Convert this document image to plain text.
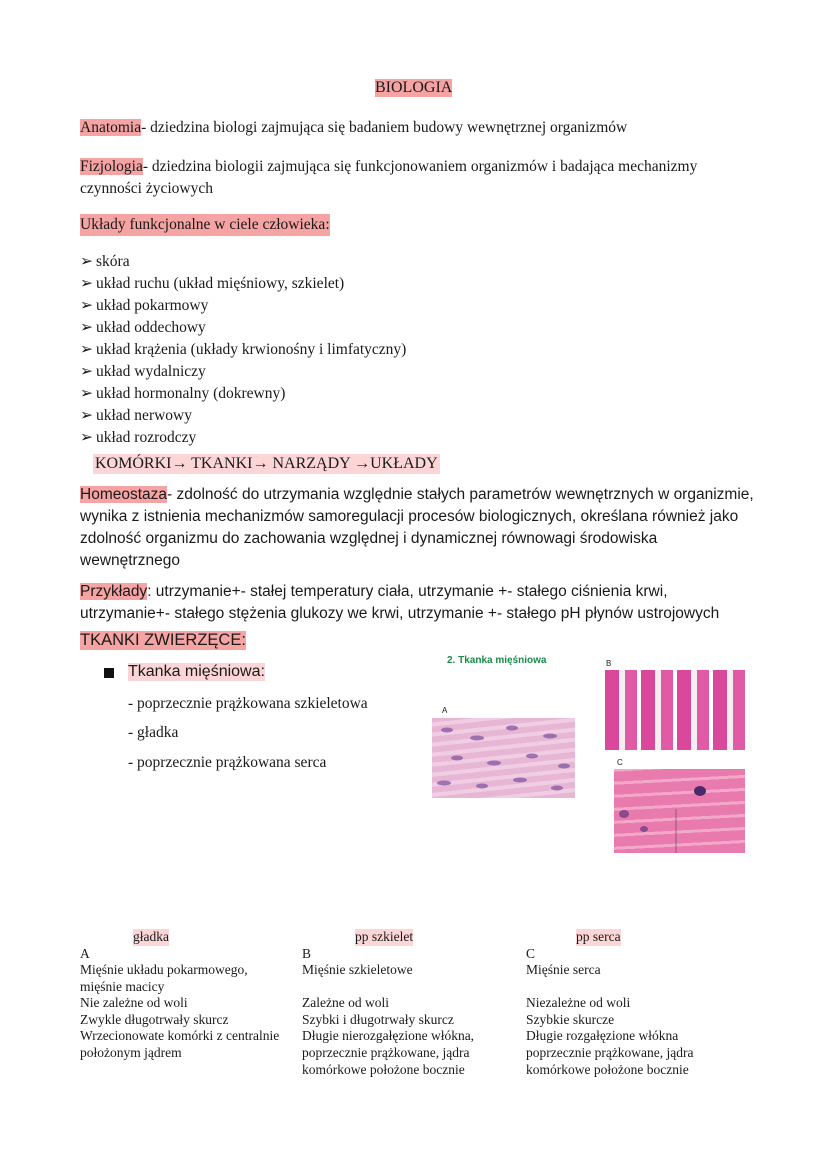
BIOLOGIA
Anatomia- dziedzina biologi zajmująca się badaniem budowy wewnętrznej organizmów
Fizjologia- dziedzina biologii zajmująca się funkcjonowaniem organizmów i badająca mechanizmy
czynności życiowych
Układy funkcjonalne w ciele człowieka:
➢ skóra
➢ układ ruchu (układ mięśniowy, szkielet)
➢ układ pokarmowy
➢ układ oddechowy
➢ układ krążenia (układy krwionośny i limfatyczny)
➢ układ wydalniczy
➢ układ hormonalny (dokrewny)
➢ układ nerwowy
➢ układ rozrodczy
KOMÓRKI→ TKANKI→ NARZĄDY →UKŁADY
Homeostaza- zdolność do utrzymania względnie stałych parametrów wewnętrznych w organizmie,
wynika z istnienia mechanizmów samoregulacji procesów biologicznych, określana również jako
zdolność organizmu do zachowania względnej i dynamicznej równowagi środowiska
wewnętrznego
Przykłady: utrzymanie+- stałej temperatury ciała, utrzymanie +- stałego ciśnienia krwi,
utrzymanie+- stałego stężenia glukozy we krwi, utrzymanie +- stałego pH płynów ustrojowych
TKANKI ZWIERZĘCE:
Tkanka mięśniowa:
- poprzecznie prążkowana szkieletowa
- gładka
- poprzecznie prążkowana serca
2. Tkanka mięśniowa
A
B
C
gładka
A
Mięśnie układu pokarmowego,
mięśnie macicy
Nie zależne od woli
Zwykle długotrwały skurcz
Wrzecionowate komórki z centralnie
położonym jądrem
pp szkielet
B
Mięśnie szkieletowe
Zależne od woli
Szybki i długotrwały skurcz
Długie nierozgałęzione włókna,
poprzecznie prążkowane, jądra
komórkowe położone bocznie
pp serca
C
Mięśnie serca
Niezależne od woli
Szybkie skurcze
Długie rozgałęzione włókna
poprzecznie prążkowane, jądra
komórkowe położone bocznie
